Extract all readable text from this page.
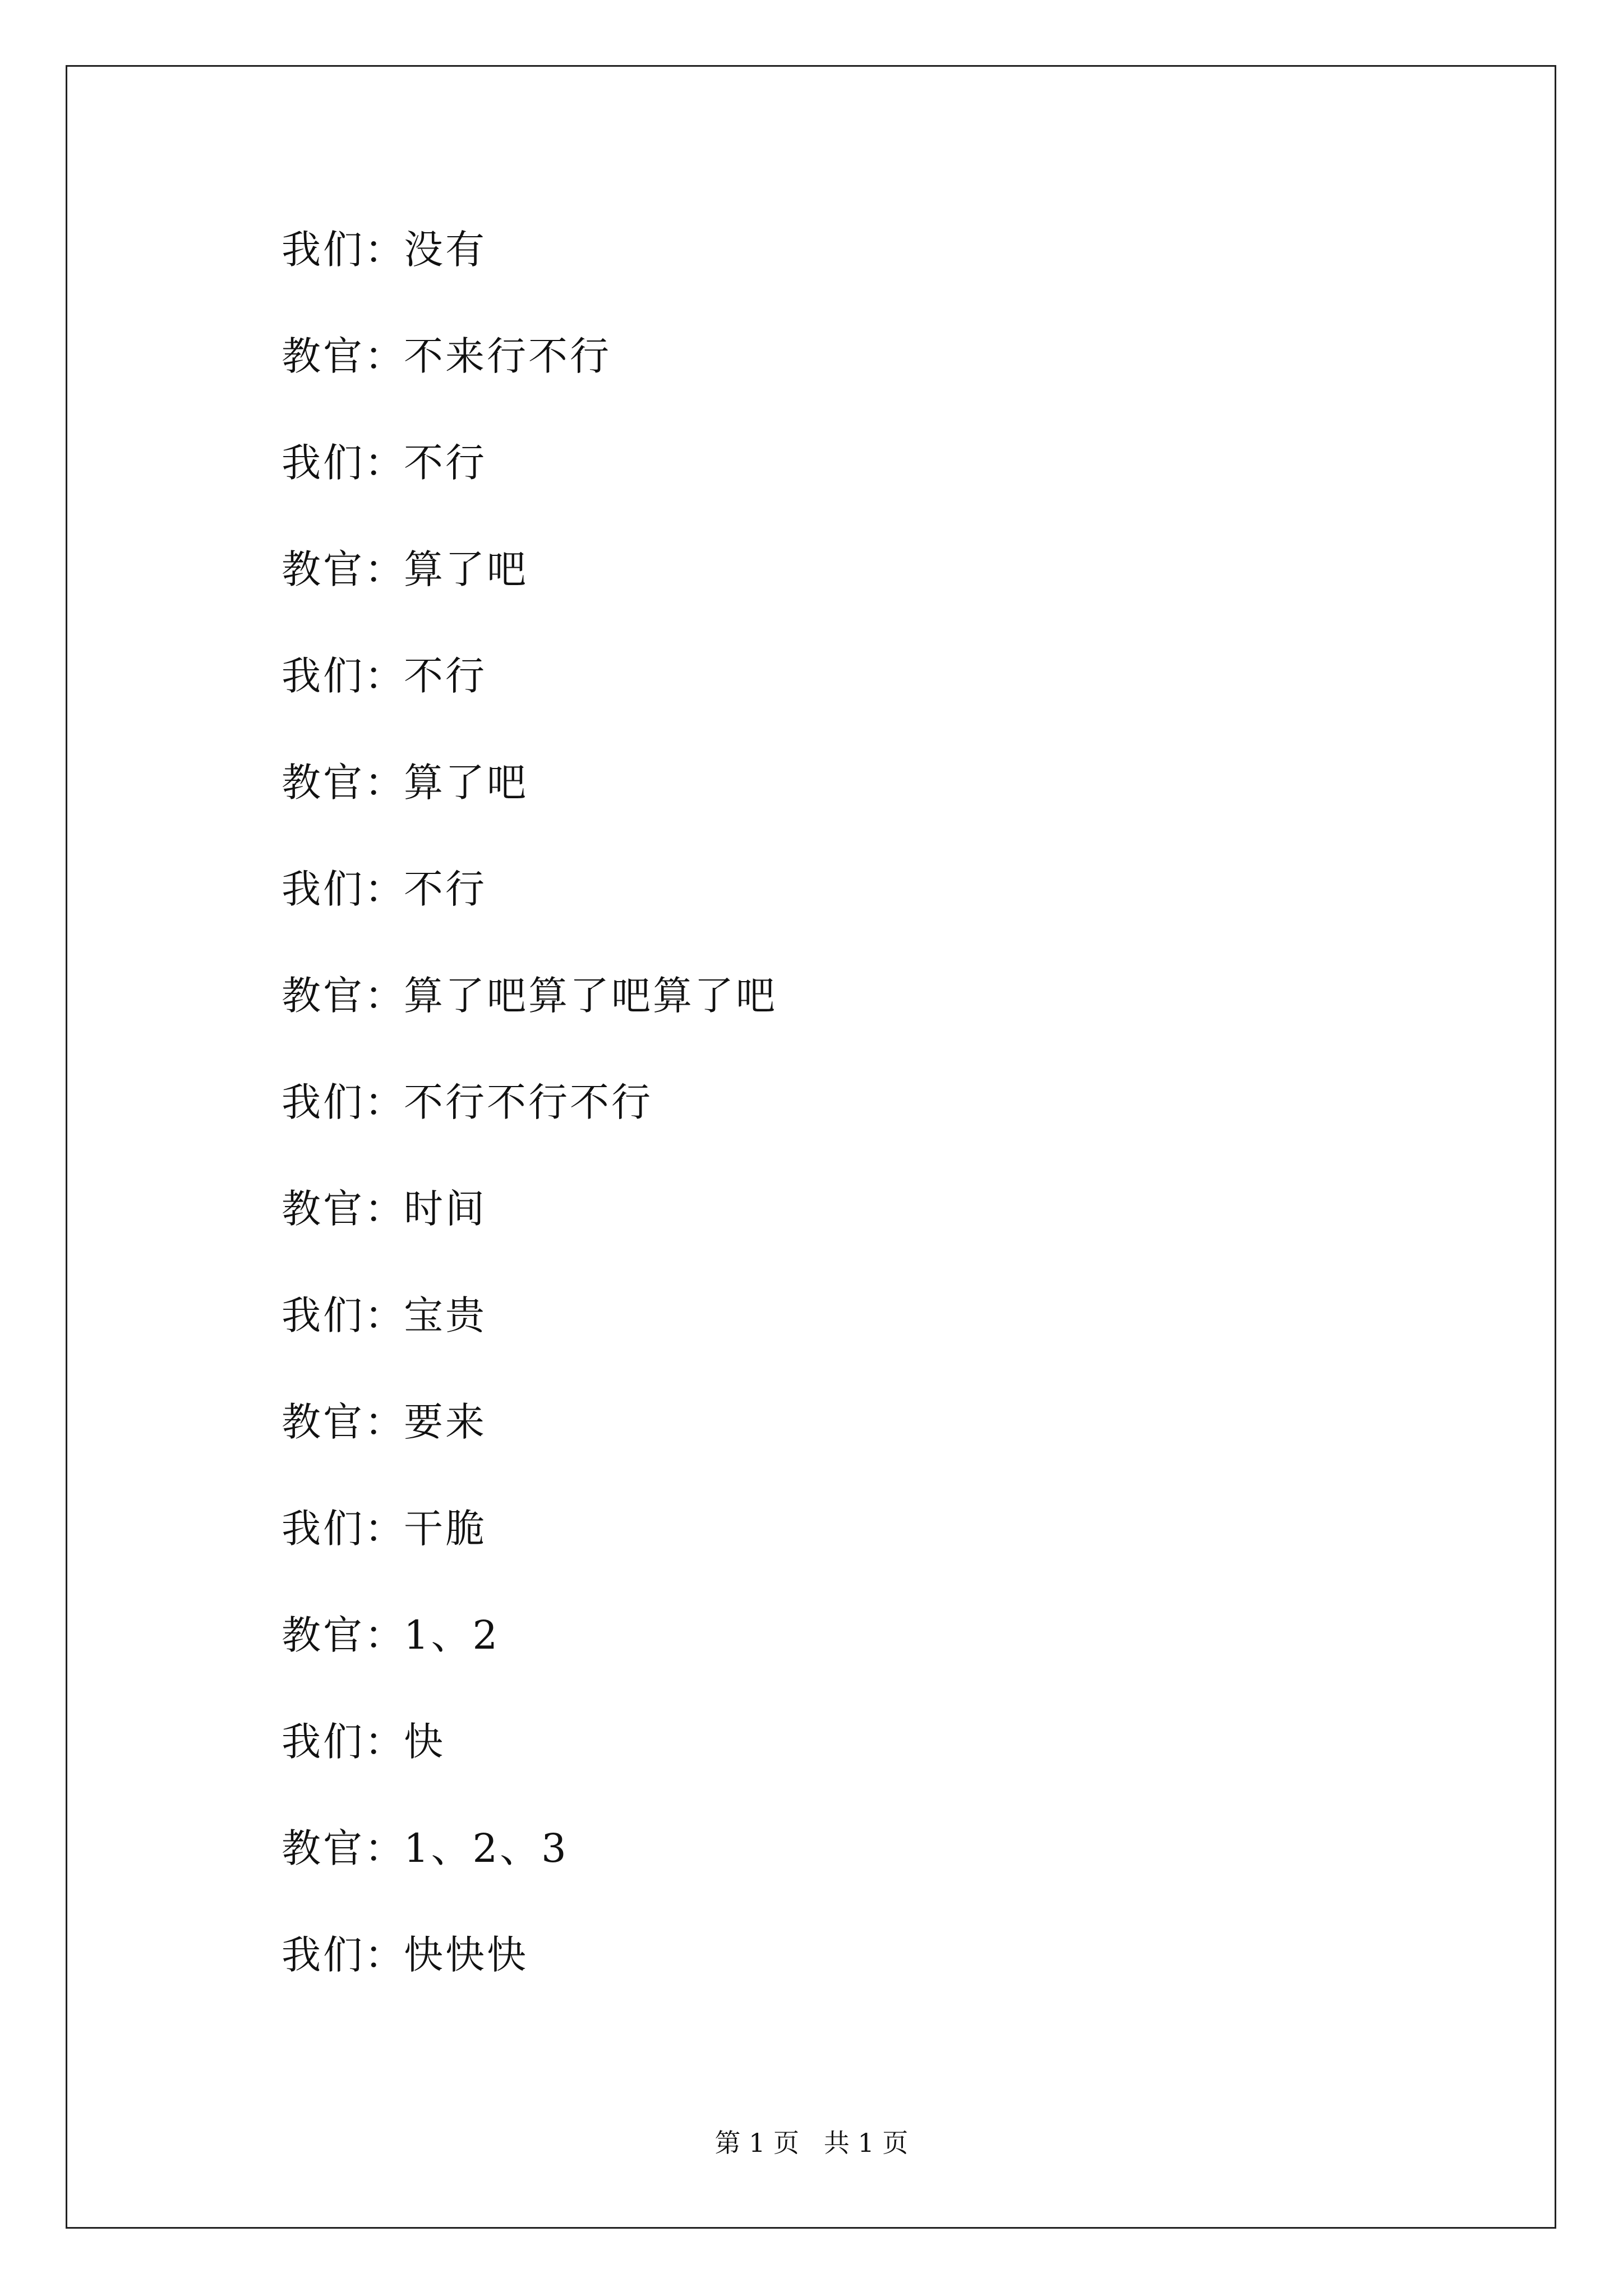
我们 ：
没有
教官 ：
不来行不行
我们 ：
不行
教官 ：
算了吧
我们 ：
不行
教官 ：
算了吧
我们 ：
不行
教官 ：
算了吧算了吧算了吧
我们 ：
不行不行不行
教官 ：
时间
我们 ：
宝贵
教官 ：
要来
我们 ：
干脆
教官 ：
1、2
我们 ：
快
教官 ：
1、2、3
我们 ：
快快快
第 1 页   共 1 页
